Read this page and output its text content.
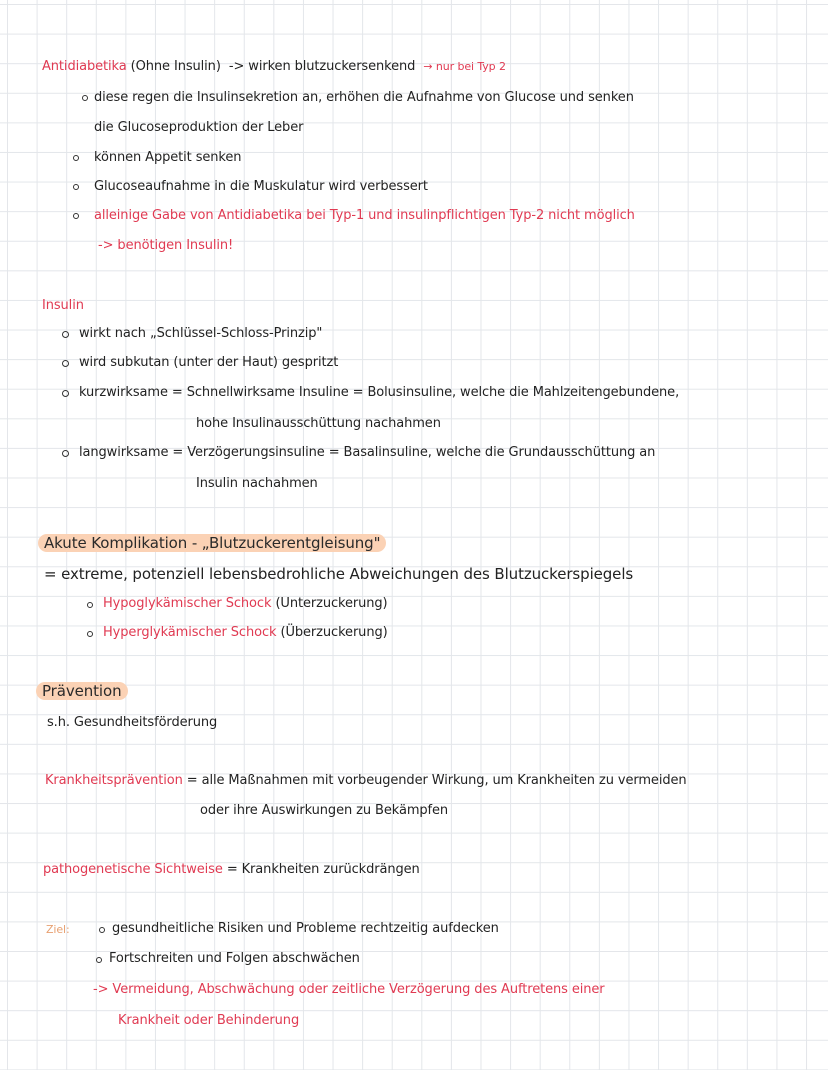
Antidiabetika (Ohne Insulin) -> wirken blutzuckersenkend → nur bei Typ 2
diese regen die Insulinsekretion an, erhöhen die Aufnahme von Glucose und senken
die Glucoseproduktion der Leber
können Appetit senken
Glucoseaufnahme in die Muskulatur wird verbessert
alleinige Gabe von Antidiabetika bei Typ-1 und insulinpflichtigen Typ-2 nicht möglich
-> benötigen Insulin!
Insulin
wirkt nach „Schlüssel-Schloss-Prinzip"
wird subkutan (unter der Haut) gespritzt
kurzwirksame = Schnellwirksame Insuline = Bolusinsuline, welche die Mahlzeitengebundene,
hohe Insulinausschüttung nachahmen
langwirksame = Verzögerungsinsuline = Basalinsuline, welche die Grundausschüttung an
Insulin nachahmen
Akute Komplikation - „Blutzuckerentgleisung"
= extreme, potenziell lebensbedrohliche Abweichungen des Blutzuckerspiegels
Hypoglykämischer Schock (Unterzuckerung)
Hyperglykämischer Schock (Überzuckerung)
Prävention
s.h. Gesundheitsförderung
Krankheitsprävention = alle Maßnahmen mit vorbeugender Wirkung, um Krankheiten zu vermeiden
oder ihre Auswirkungen zu Bekämpfen
pathogenetische Sichtweise = Krankheiten zurückdrängen
Ziel:	gesundheitliche Risiken und Probleme rechtzeitig aufdecken
Fortschreiten und Folgen abschwächen
-> Vermeidung, Abschwächung oder zeitliche Verzögerung des Auftretens einer
Krankheit oder Behinderung
